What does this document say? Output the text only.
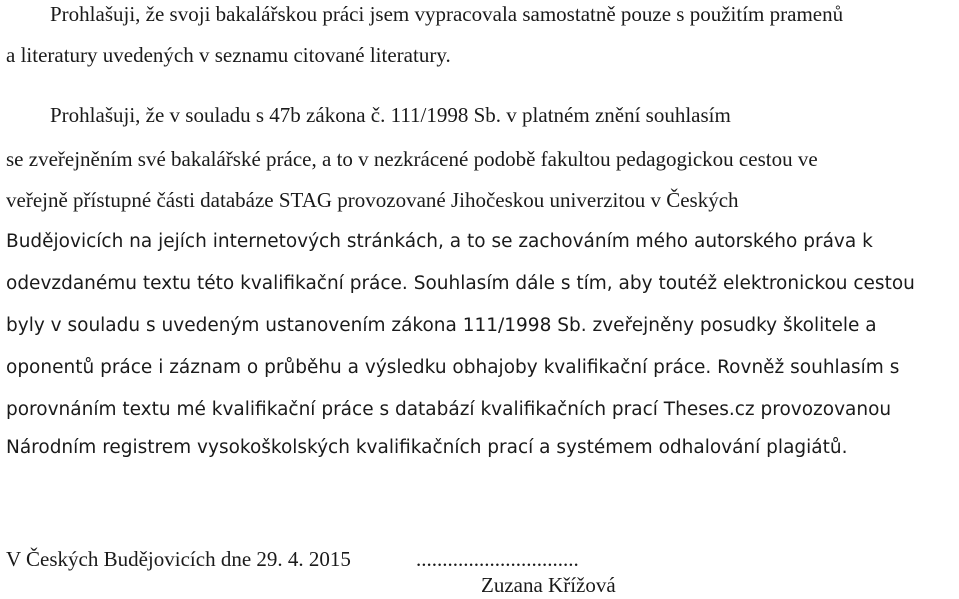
Prohlašuji, že svoji bakalářskou práci jsem vypracovala samostatně pouze s použitím pramenů
a literatury uvedených v seznamu citované literatury.
Prohlašuji, že v souladu s 47b zákona č. 111/1998 Sb. v platném znění souhlasím
se zveřejněním své bakalářské práce, a to v nezkrácené podobě fakultou pedagogickou cestou ve
veřejně přístupné části databáze STAG provozované Jihočeskou univerzitou v Českých
Budějovicích na jejích internetových stránkách, a to se zachováním mého autorského práva k
odevzdanému textu této kvalifikační práce. Souhlasím dále s tím, aby toutéž elektronickou cestou
byly v souladu s uvedeným ustanovením zákona 111/1998 Sb. zveřejněny posudky školitele a
oponentů práce i záznam o průběhu a výsledku obhajoby kvalifikační práce. Rovněž souhlasím s
porovnáním textu mé kvalifikační práce s databází kvalifikačních prací Theses.cz provozovanou
Národním registrem vysokoškolských kvalifikačních prací a systémem odhalování plagiátů.
V Českých Budějovicích dne 29. 4. 2015	...............................
Zuzana Křížová
